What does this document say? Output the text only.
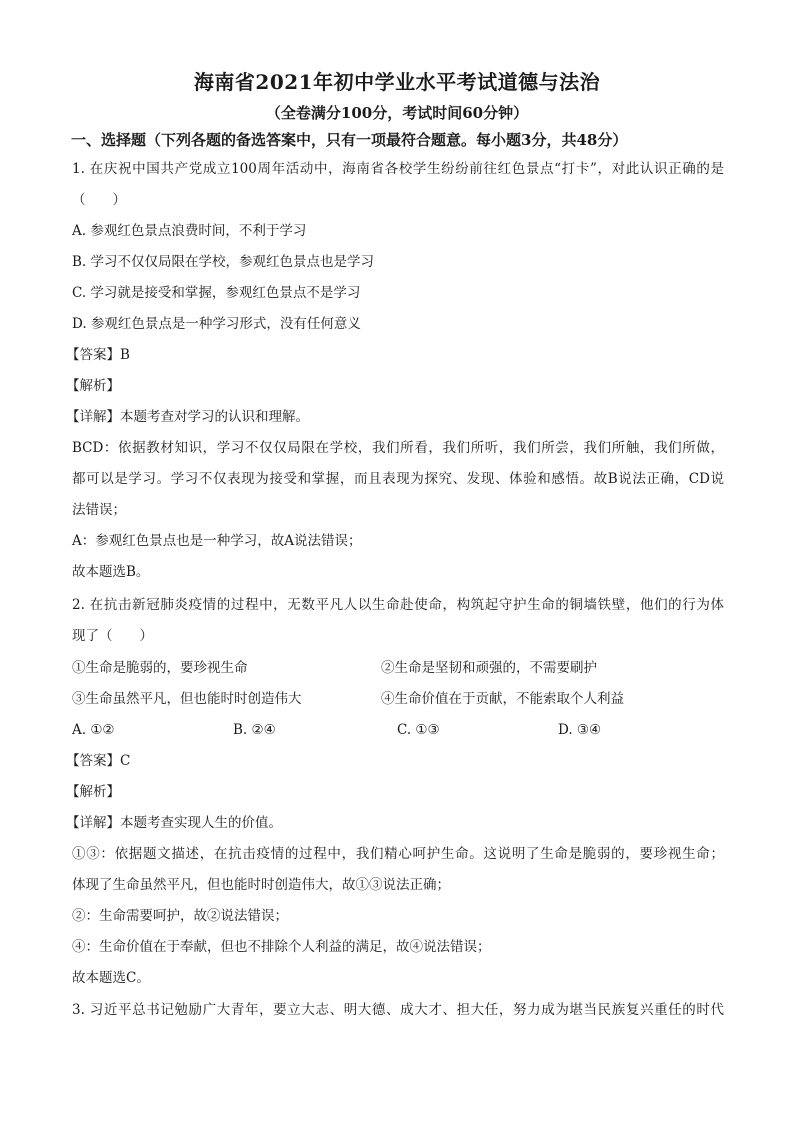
海南省2021年初中学业水平考试道德与法治
（全卷满分100分，考试时间60分钟）
一、选择题（下列各题的备选答案中，只有一项最符合题意。每小题3分，共48分）
1. 在庆祝中国共产党成立100周年活动中，海南省各校学生纷纷前往红色景点“打卡”，对此认识正确的是
（　　）
A. 参观红色景点浪费时间，不利于学习
B. 学习不仅仅局限在学校，参观红色景点也是学习
C. 学习就是接受和掌握，参观红色景点不是学习
D. 参观红色景点是一种学习形式，没有任何意义
【答案】B
【解析】
【详解】本题考查对学习的认识和理解。
BCD：依据教材知识，学习不仅仅局限在学校，我们所看，我们所听，我们所尝，我们所触，我们所做，
都可以是学习。学习不仅表现为接受和掌握，而且表现为探究、发现、体验和感悟。故B说法正确，CD说
法错误；
A：参观红色景点也是一种学习，故A说法错误；
故本题选B。
2. 在抗击新冠肺炎疫情的过程中，无数平凡人以生命赴使命，构筑起守护生命的铜墙铁壁，他们的行为体
现了（　　）
①生命是脆弱的，要珍视生命	②生命是坚韧和顽强的，不需要刷护
③生命虽然平凡，但也能时时创造伟大	④生命价值在于贡献，不能索取个人利益
A. ①②	B. ②④	C. ①③	D. ③④
【答案】C
【解析】
【详解】本题考查实现人生的价值。
①③：依据题文描述，在抗击疫情的过程中，我们精心呵护生命。这说明了生命是脆弱的，要珍视生命；
体现了生命虽然平凡，但也能时时创造伟大，故①③说法正确；
②：生命需要呵护，故②说法错误；
④：生命价值在于奉献，但也不排除个人利益的满足，故④说法错误；
故本题选C。
3. 习近平总书记勉励广大青年，要立大志、明大德、成大才、担大任，努力成为堪当民族复兴重任的时代
